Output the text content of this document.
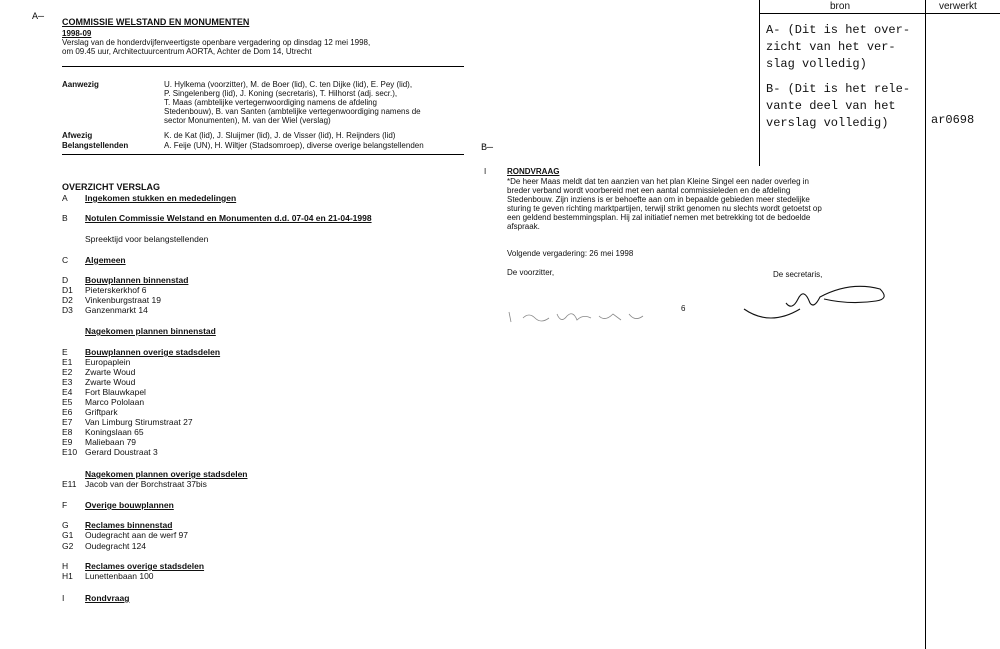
A—
B—
COMMISSIE WELSTAND EN MONUMENTEN
1998-09
Verslag van de honderdvijfenveertigste openbare vergadering op dinsdag 12 mei 1998,
om 09.45 uur, Architectuurcentrum AORTA, Achter de Dom 14, Utrecht
Aanwezig	U. Hylkema (voorzitter), M. de Boer (lid), C. ten Dijke (lid), E. Pey (lid),
P. Singelenberg (lid), J. Koning (secretaris), T. Hilhorst (adj. secr.),
T. Maas (ambtelijke vertegenwoordiging namens de afdeling
Stedenbouw), B. van Santen (ambtelijke vertegenwoordiging namens de
sector Monumenten), M. van der Wiel (verslag)
Afwezig	K. de Kat (lid), J. Sluijmer (lid), J. de Visser (lid), H. Reijnders (lid)
Belangstellenden	A. Feije (UN), H. Wiltjer (Stadsomroep), diverse overige belangstellenden
OVERZICHT VERSLAG
A	Ingekomen stukken en mededelingen
B	Notulen Commissie Welstand en Monumenten d.d. 07-04 en 21-04-1998
Spreektijd voor belangstellenden
C	Algemeen
D	Bouwplannen binnenstad
D1	Pieterskerkhof 6
D2	Vinkenburgstraat 19
D3	Ganzenmarkt 14
Nagekomen plannen binnenstad
E	Bouwplannen overige stadsdelen
E1	Europaplein
E2	Zwarte Woud
E3	Zwarte Woud
E4	Fort Blauwkapel
E5	Marco Pololaan
E6	Griftpark
E7	Van Limburg Stirumstraat 27
E8	Koningslaan 65
E9	Maliebaan 79
E10 Gerard Doustraat 3
Nagekomen plannen overige stadsdelen
E11	Jacob van der Borchstraat 37bis
F	Overige bouwplannen
G	Reclames binnenstad
G1	Oudegracht aan de werf 97
G2	Oudegracht 124
H	Reclames overige stadsdelen
H1	Lunettenbaan 100
I	Rondvraag
I	RONDVRAAG
*De heer Maas meldt dat ten aanzien van het plan Kleine Singel een nader overleg in
breder verband wordt voorbereid met een aantal commissieleden en de afdeling
Stedenbouw. Zijn inziens is er behoefte aan om in bepaalde gebieden meer stedelijke
sturing te geven richting marktpartijen, terwijl strikt genomen nu slechts wordt getoetst op
een geldend bestemmingsplan. Hij zal initiatief nemen met betrekking tot de bedoelde
afspraak.
Volgende vergadering: 26 mei 1998
De voorzitter,	De secretaris,
6
bron	verwerkt
A- (Dit is het over-
zicht van het ver-
slag volledig)
B- (Dit is het rele-
vante deel van het
verslag volledig)	ar0698
